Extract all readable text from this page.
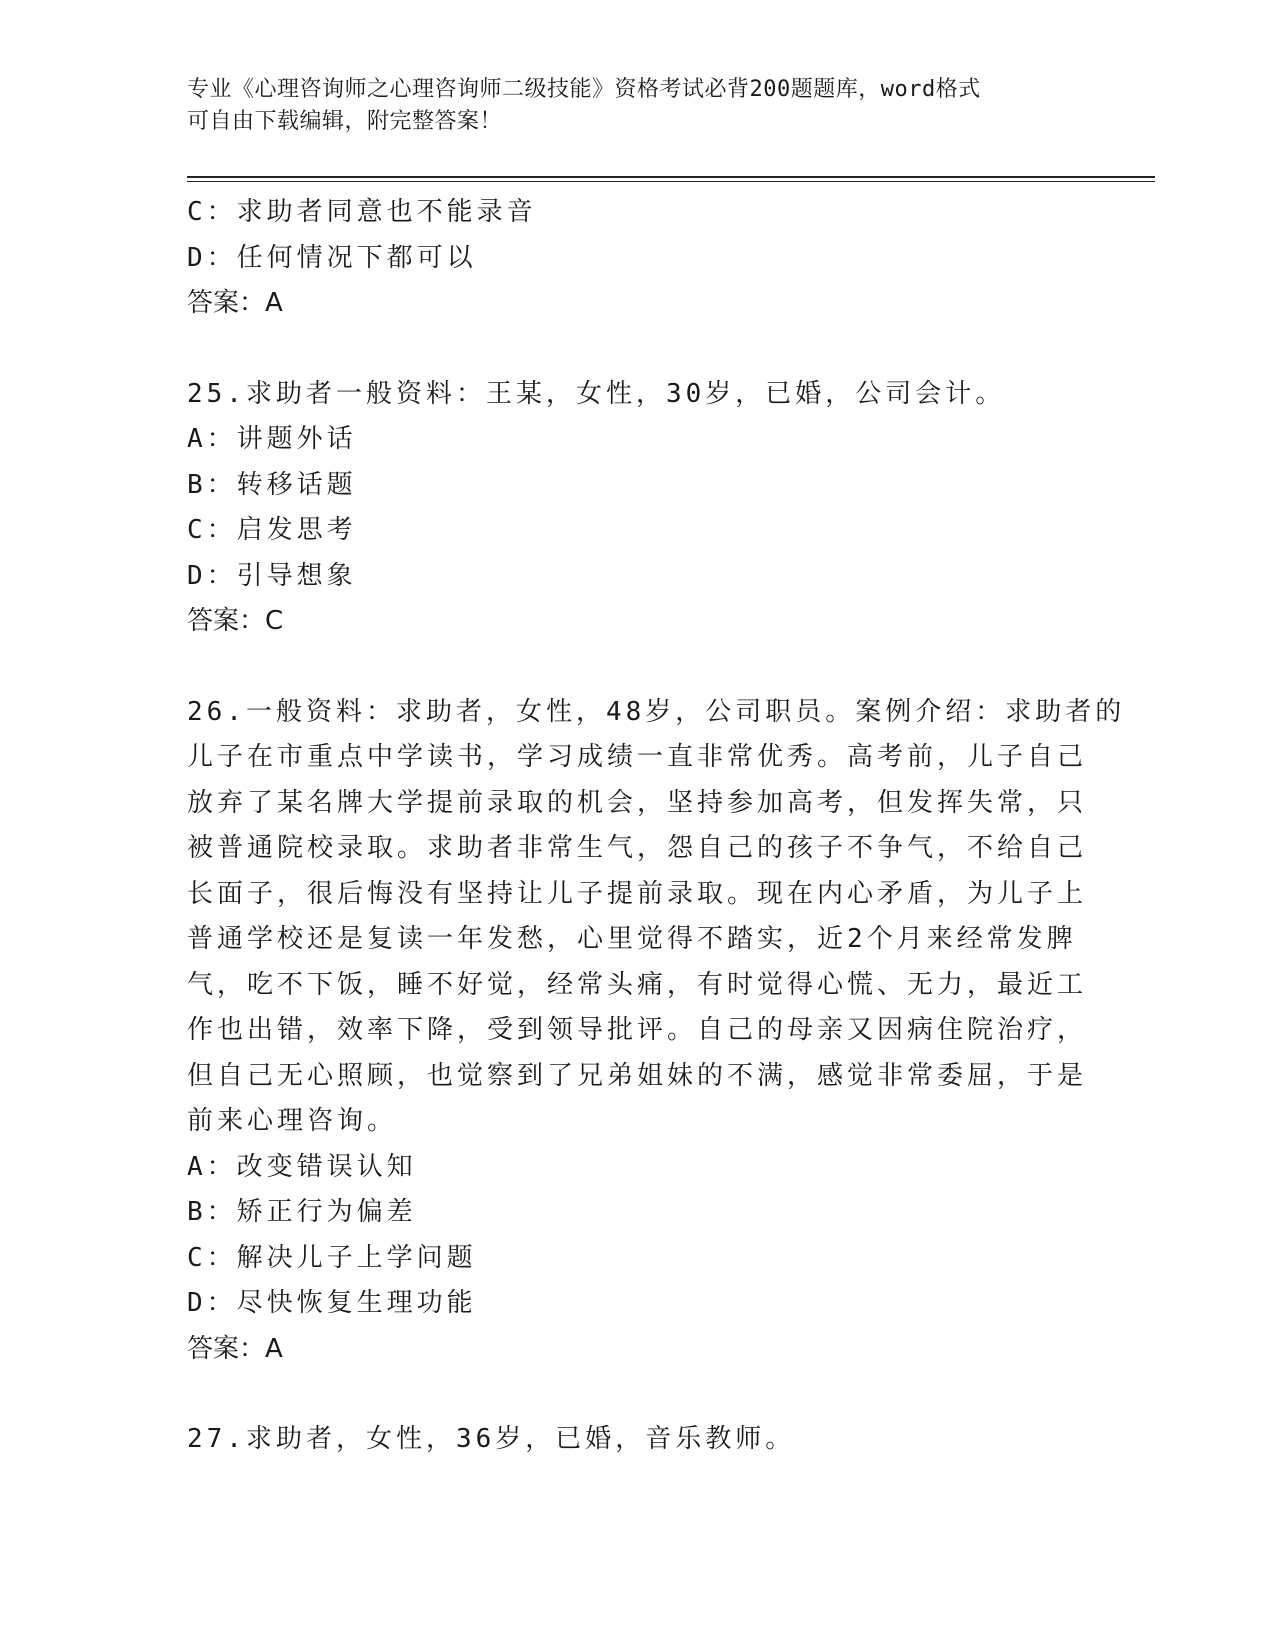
专业《心理咨询师之心理咨询师二级技能》资格考试必背200题题库，word格式
可自由下载编辑，附完整答案！
C：求助者同意也不能录音
D：任何情况下都可以
答案：A
25.求助者一般资料：王某，女性，30岁，已婚，公司会计。
A：讲题外话
B：转移话题
C：启发思考
D：引导想象
答案：C
26.一般资料：求助者，女性，48岁，公司职员。案例介绍：求助者的
儿子在市重点中学读书，学习成绩一直非常优秀。高考前，儿子自己
放弃了某名牌大学提前录取的机会，坚持参加高考，但发挥失常，只
被普通院校录取。求助者非常生气，怨自己的孩子不争气，不给自己
长面子，很后悔没有坚持让儿子提前录取。现在内心矛盾，为儿子上
普通学校还是复读一年发愁，心里觉得不踏实，近2个月来经常发脾
气，吃不下饭，睡不好觉，经常头痛，有时觉得心慌、无力，最近工
作也出错，效率下降，受到领导批评。自己的母亲又因病住院治疗，
但自己无心照顾，也觉察到了兄弟姐妹的不满，感觉非常委屈，于是
前来心理咨询。
A：改变错误认知
B：矫正行为偏差
C：解决儿子上学问题
D：尽快恢复生理功能
答案：A
27.求助者，女性，36岁，已婚，音乐教师。
